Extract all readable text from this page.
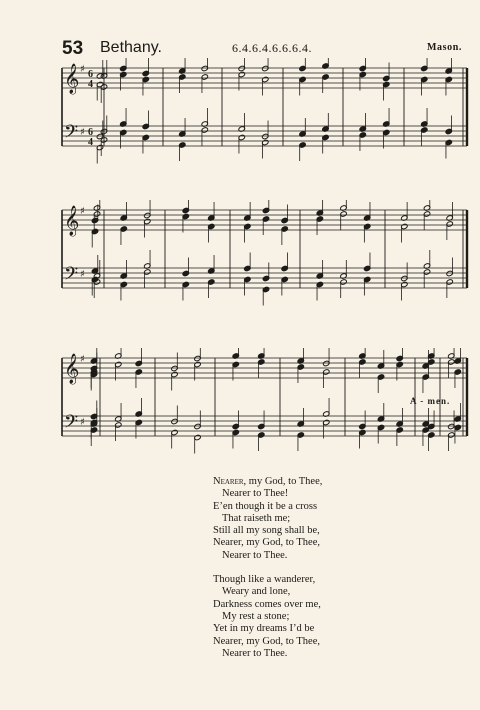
53 Bethany.	6.4.6.4.6.6.6.4.	Mason.
𝄞
𝄢
♯
♯
6
4
6
4
𝄞
𝄢
♯
♯
𝄞
𝄢
♯
♯
A - men.
Nearer, my God, to Thee,
Nearer to Thee!
E’en though it be a cross
That raiseth me;
Still all my song shall be,
Nearer, my God, to Thee,
Nearer to Thee.
Though like a wanderer,
Weary and lone,
Darkness comes over me,
My rest a stone;
Yet in my dreams I’d be
Nearer, my God, to Thee,
Nearer to Thee.
